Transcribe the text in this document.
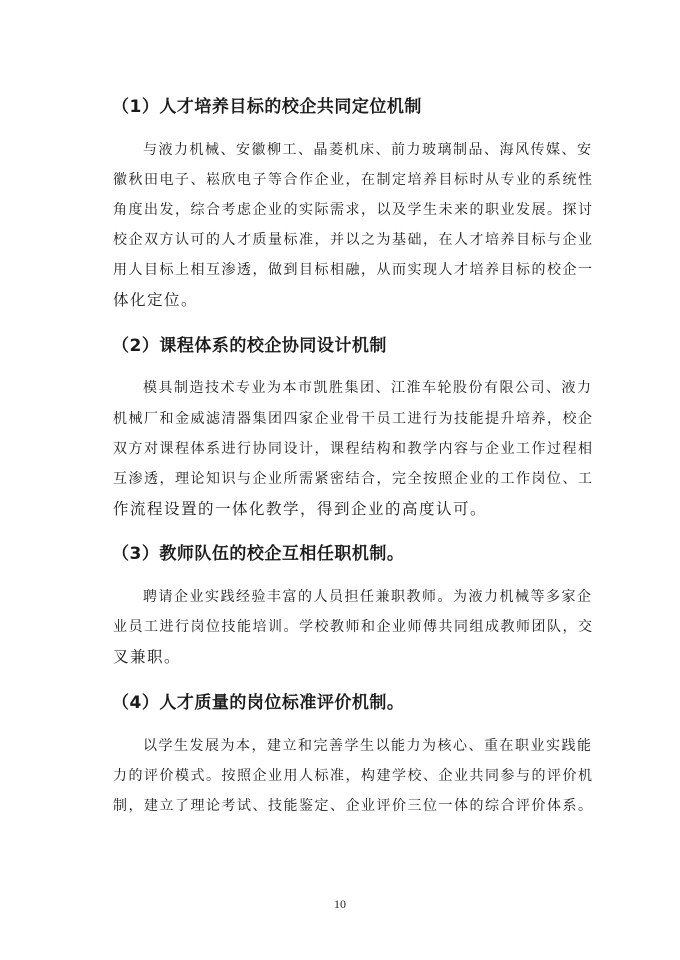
（1）人才培养目标的校企共同定位机制
与液力机械、安徽柳工、晶菱机床、前力玻璃制品、海风传媒、安
徽秋田电子、崧欣电子等合作企业，在制定培养目标时从专业的系统性
角度出发，综合考虑企业的实际需求，以及学生未来的职业发展。探讨
校企双方认可的人才质量标准，并以之为基础，在人才培养目标与企业
用人目标上相互渗透，做到目标相融，从而实现人才培养目标的校企一
体化定位。
（2）课程体系的校企协同设计机制
模具制造技术专业为本市凯胜集团、江淮车轮股份有限公司、液力
机械厂和金威滤清器集团四家企业骨干员工进行为技能提升培养，校企
双方对课程体系进行协同设计，课程结构和教学内容与企业工作过程相
互渗透，理论知识与企业所需紧密结合，完全按照企业的工作岗位、工
作流程设置的一体化教学，得到企业的高度认可。
（3）教师队伍的校企互相任职机制。
聘请企业实践经验丰富的人员担任兼职教师。为液力机械等多家企
业员工进行岗位技能培训。学校教师和企业师傅共同组成教师团队，交
叉兼职。
（4）人才质量的岗位标准评价机制。
以学生发展为本，建立和完善学生以能力为核心、重在职业实践能
力的评价模式。按照企业用人标准，构建学校、企业共同参与的评价机
制，建立了理论考试、技能鉴定、企业评价三位一体的综合评价体系。
10
